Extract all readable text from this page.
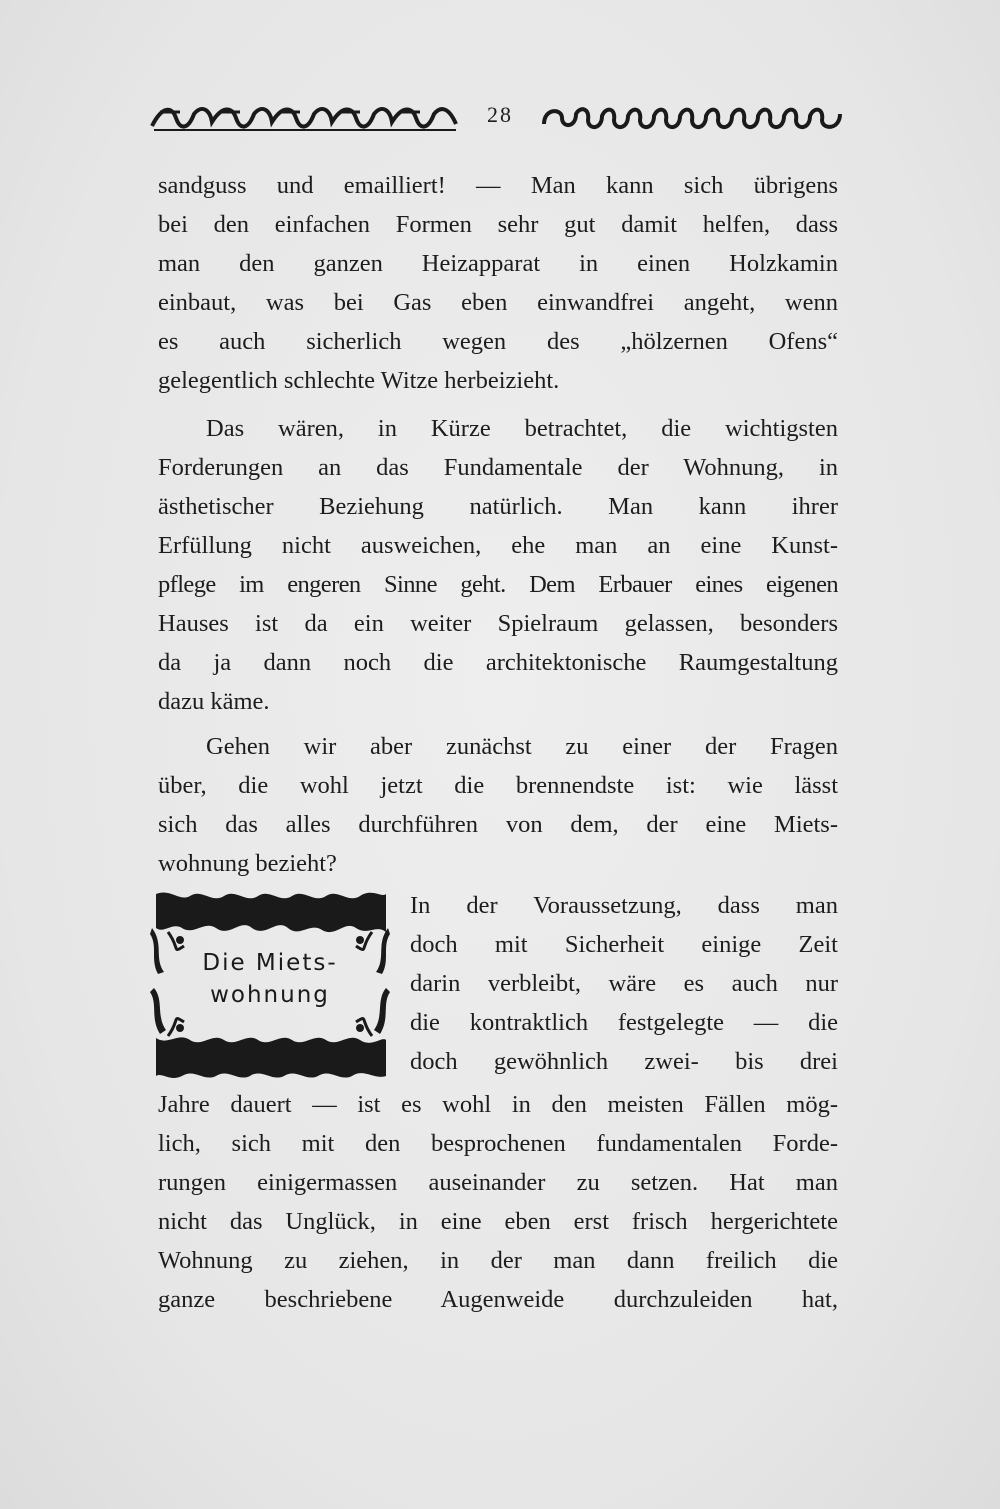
28
sandguss und emailliert! — Man kann sich übrigens
bei den einfachen Formen sehr gut damit helfen, dass
man den ganzen Heizapparat in einen Holzkamin
einbaut, was bei Gas eben einwandfrei angeht, wenn
es auch sicherlich wegen des „hölzernen Ofens“
gelegentlich schlechte Witze herbeizieht.
Das wären, in Kürze betrachtet, die wichtigsten
Forderungen an das Fundamentale der Wohnung, in
ästhetischer Beziehung natürlich. Man kann ihrer
Erfüllung nicht ausweichen, ehe man an eine Kunst-
pflege im engeren Sinne geht. Dem Erbauer eines eigenen
Hauses ist da ein weiter Spielraum gelassen, besonders
da ja dann noch die architektonische Raumgestaltung
dazu käme.
Gehen wir aber zunächst zu einer der Fragen
über, die wohl jetzt die brennendste ist: wie lässt
sich das alles durchführen von dem, der eine Miets-
wohnung bezieht?
Die Miets-
wohnung
In der Voraussetzung, dass man
doch mit Sicherheit einige Zeit
darin verbleibt, wäre es auch nur
die kontraktlich festgelegte — die
doch gewöhnlich zwei- bis drei
Jahre dauert — ist es wohl in den meisten Fällen mög-
lich, sich mit den besprochenen fundamentalen Forde-
rungen einigermassen auseinander zu setzen. Hat man
nicht das Unglück, in eine eben erst frisch hergerichtete
Wohnung zu ziehen, in der man dann freilich die
ganze beschriebene Augenweide durchzuleiden hat,
